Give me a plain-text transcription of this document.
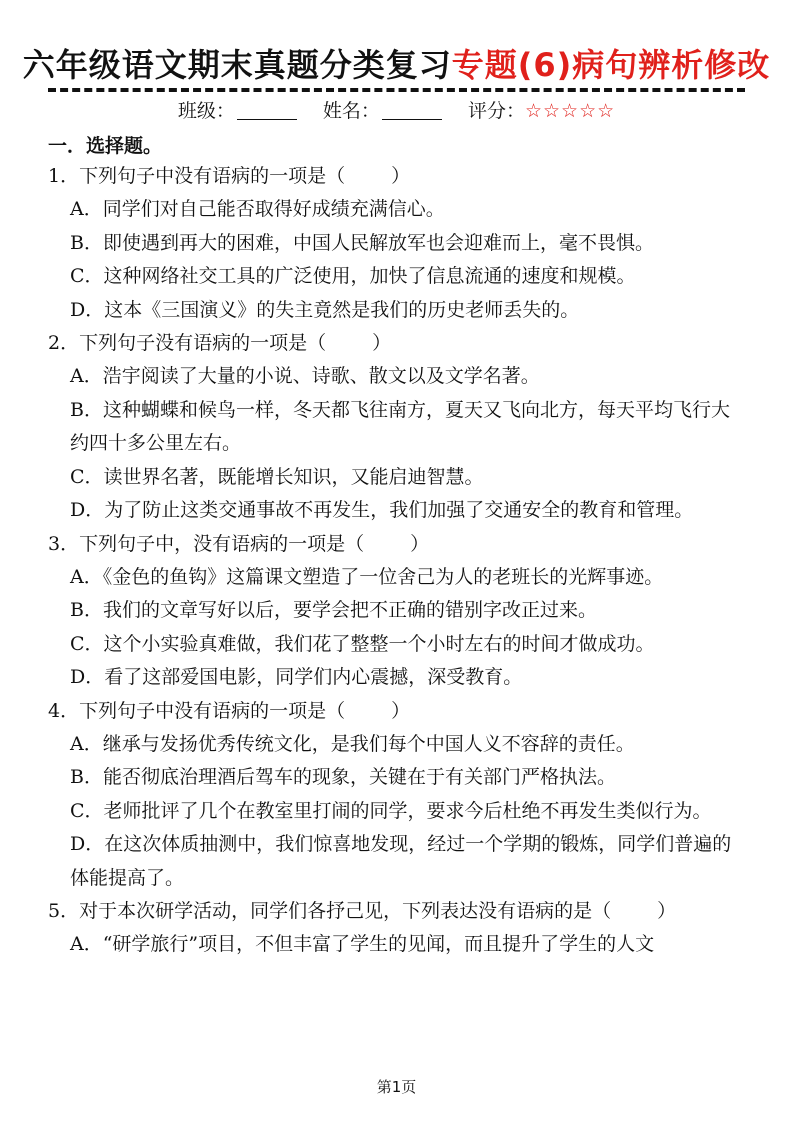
六年级语文期末真题分类复习专题(6)病句辨析修改
班级：	姓名：	评分：☆☆☆☆☆
一．选择题。
1．下列句子中没有语病的一项是（ ）
A．同学们对自己能否取得好成绩充满信心。
B．即使遇到再大的困难，中国人民解放军也会迎难而上，毫不畏惧。
C．这种网络社交工具的广泛使用，加快了信息流通的速度和规模。
D．这本《三国演义》的失主竟然是我们的历史老师丢失的。
2．下列句子没有语病的一项是（ ）
A．浩宇阅读了大量的小说、诗歌、散文以及文学名著。
B．这种蝴蝶和候鸟一样，冬天都飞往南方，夏天又飞向北方，每天平均飞行大约四十多公里左右。
C．读世界名著，既能增长知识，又能启迪智慧。
D．为了防止这类交通事故不再发生，我们加强了交通安全的教育和管理。
3．下列句子中，没有语病的一项是（ ）
A．《金色的鱼钩》这篇课文塑造了一位舍己为人的老班长的光辉事迹。
B．我们的文章写好以后，要学会把不正确的错别字改正过来。
C．这个小实验真难做，我们花了整整一个小时左右的时间才做成功。
D．看了这部爱国电影，同学们内心震撼，深受教育。
4．下列句子中没有语病的一项是（ ）
A．继承与发扬优秀传统文化，是我们每个中国人义不容辞的责任。
B．能否彻底治理酒后驾车的现象，关键在于有关部门严格执法。
C．老师批评了几个在教室里打闹的同学，要求今后杜绝不再发生类似行为。
D．在这次体质抽测中，我们惊喜地发现，经过一个学期的锻炼，同学们普遍的体能提高了。
5．对于本次研学活动，同学们各抒己见，下列表达没有语病的是（ ）
A．“研学旅行”项目，不但丰富了学生的见闻，而且提升了学生的人文
第1页
